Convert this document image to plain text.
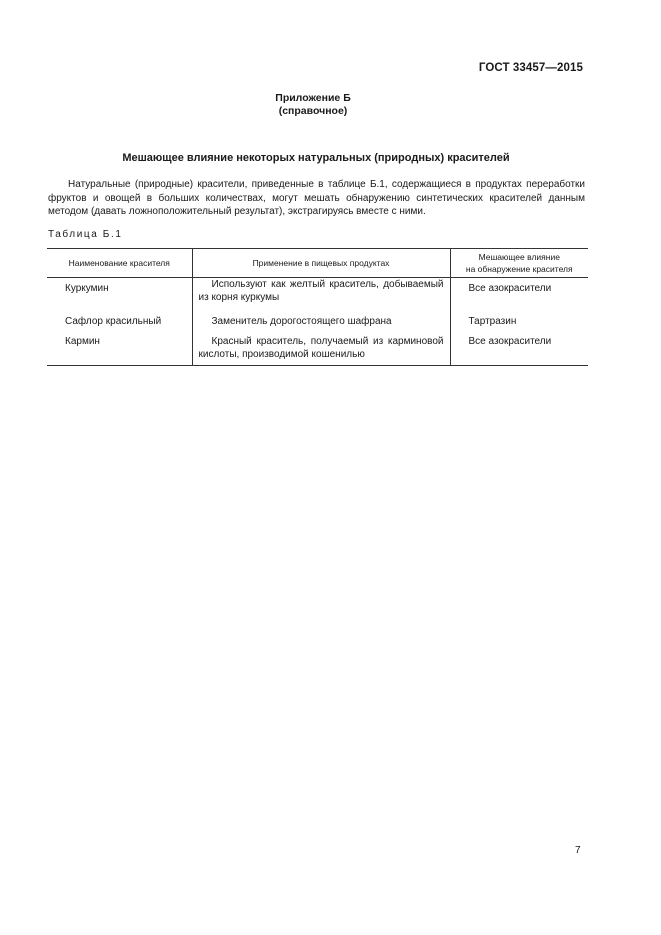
ГОСТ 33457—2015
Приложение Б
(справочное)
Мешающее влияние некоторых натуральных (природных) красителей

Натуральные (природные) красители, приведенные в таблице Б.1, содержащиеся в продуктах переработки фруктов и овощей в больших количествах, могут мешать обнаружению синтетических красителей данным методом (давать ложноположительный результат), экстрагируясь вместе с ними.

Таблица Б.1
Наименование красителя	Применение в пищевых продуктах	Мешающее влияние
на обнаружение красителя
Куркумин	Используют как желтый краситель, добываемый из корня куркумы	Все азокрасители
Сафлор красильный	Заменитель дорогостоящего шафрана	Тартразин
Кармин	Красный краситель, получаемый из карминовой кислоты, производимой кошенилью	Все азокрасители
7
